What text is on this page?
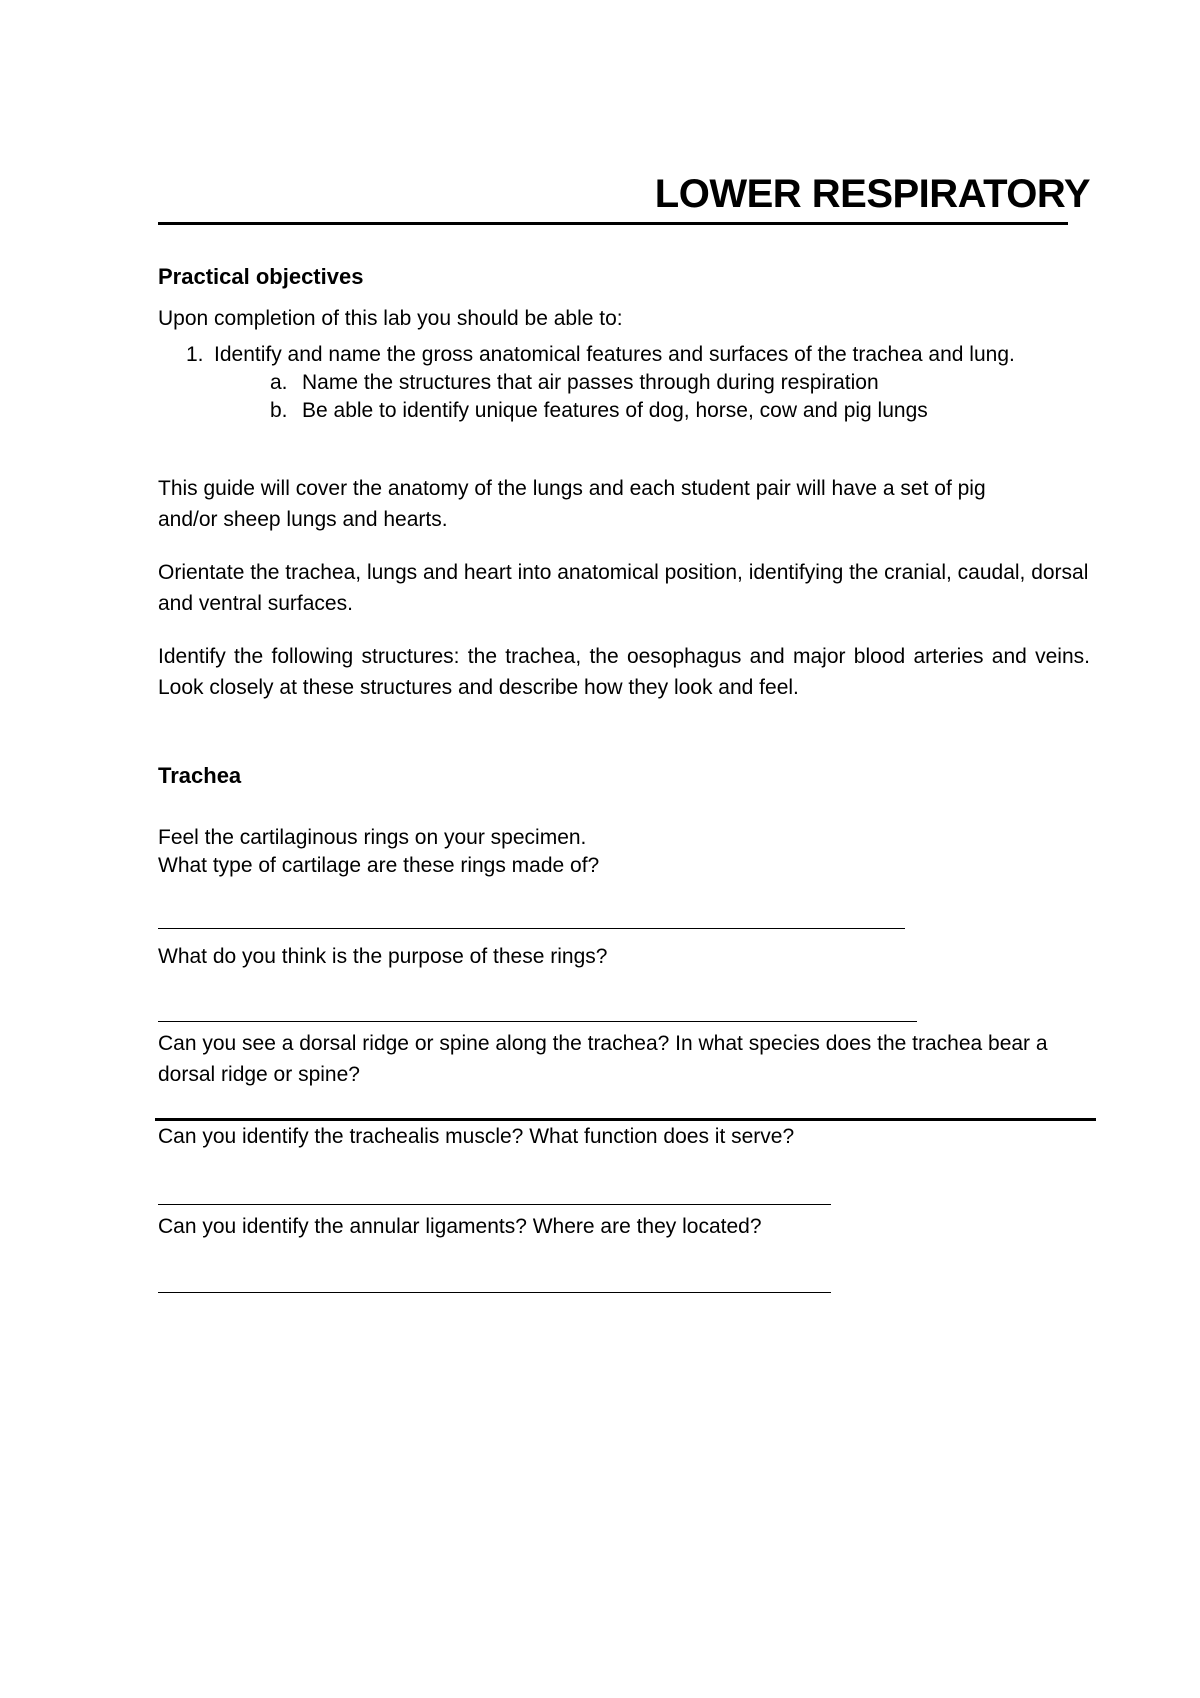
LOWER RESPIRATORY
Practical objectives
Upon completion of this lab you should be able to:
1. Identify and name the gross anatomical features and surfaces of the trachea and lung.
a. Name the structures that air passes through during respiration
b. Be able to identify unique features of dog, horse, cow and pig lungs
This guide will cover the anatomy of the lungs and each student pair will have a set of pig and/or sheep lungs and hearts.
Orientate the trachea, lungs and heart into anatomical position, identifying the cranial, caudal, dorsal and ventral surfaces.
Identify the following structures: the trachea, the oesophagus and major blood arteries and veins. Look closely at these structures and describe how they look and feel.
Trachea
Feel the cartilaginous rings on your specimen.
What type of cartilage are these rings made of?
What do you think is the purpose of these rings?
Can you see a dorsal ridge or spine along the trachea? In what species does the trachea bear a dorsal ridge or spine?
Can you identify the trachealis muscle? What function does it serve?
Can you identify the annular ligaments? Where are they located?
